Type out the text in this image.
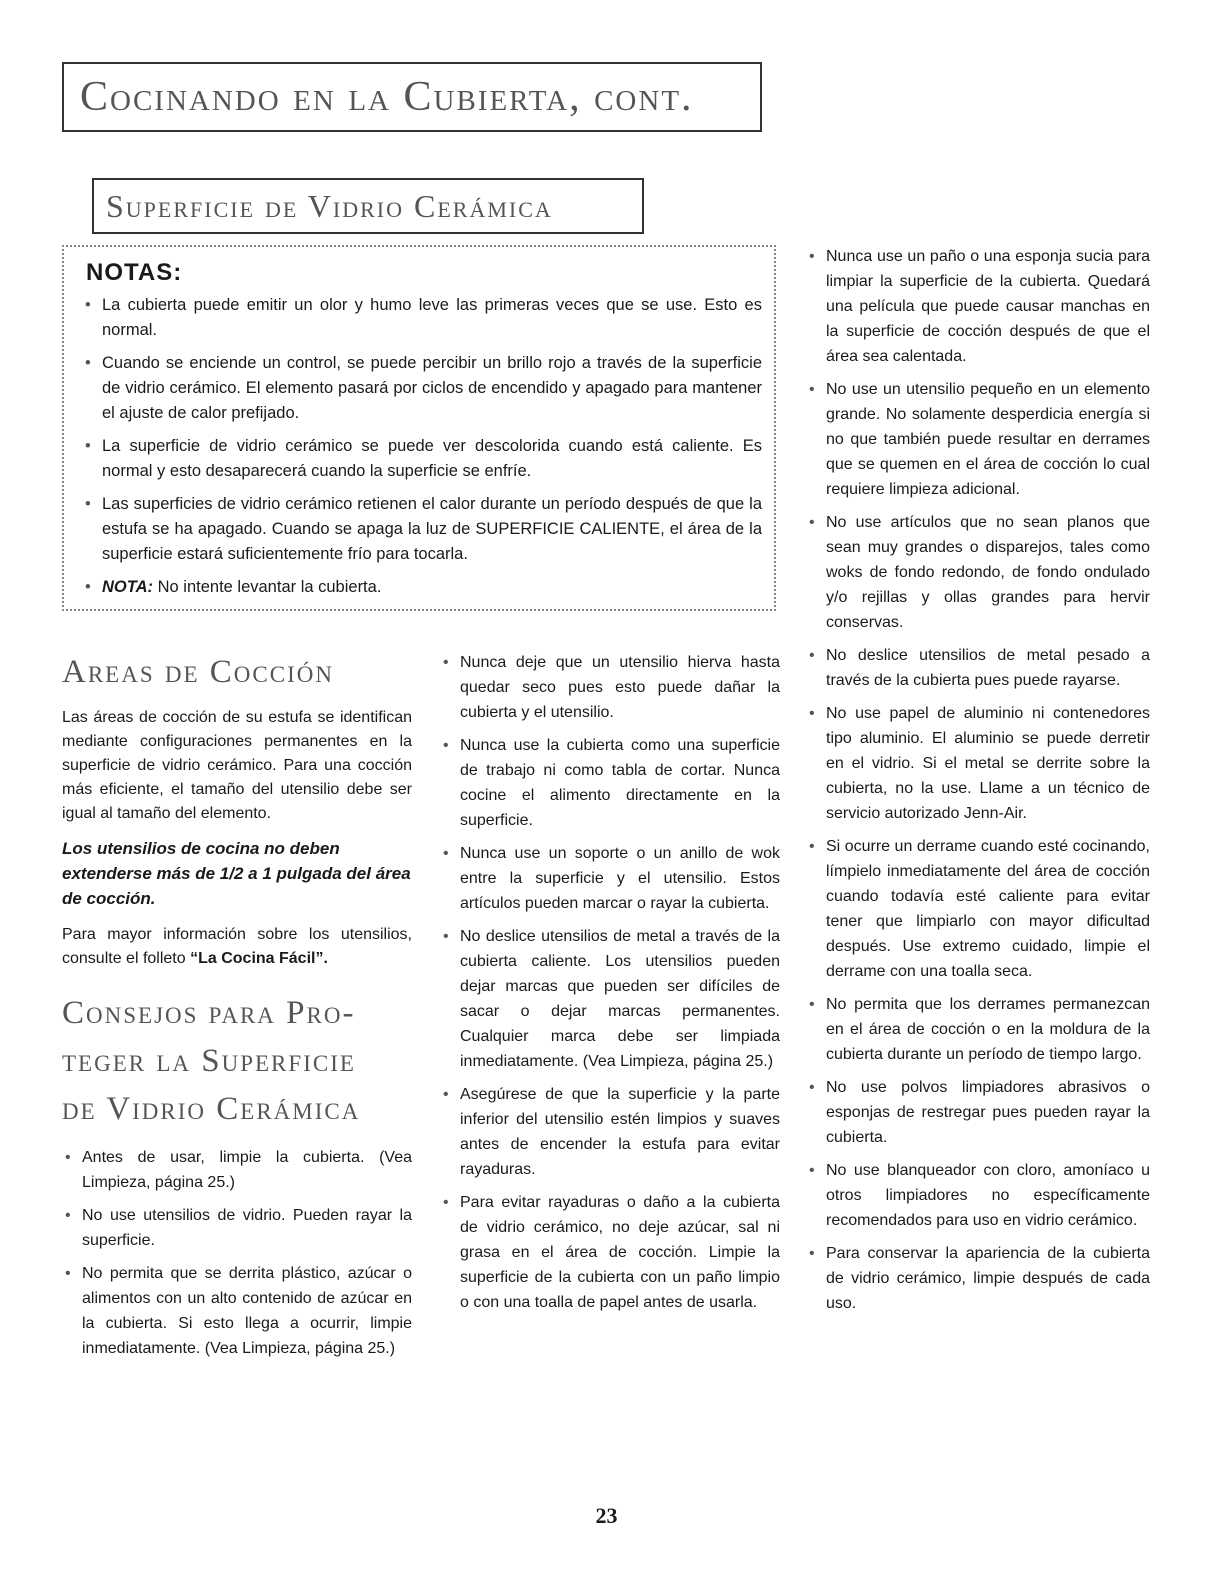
Cocinando en la Cubierta, cont.
Superficie de Vidrio Cerámica
NOTAS:
• La cubierta puede emitir un olor y humo leve las primeras veces que se use. Esto es normal.
• Cuando se enciende un control, se puede percibir un brillo rojo a través de la superficie de vidrio cerámico. El elemento pasará por ciclos de encendido y apagado para mantener el ajuste de calor prefijado.
• La superficie de vidrio cerámico se puede ver descolorida cuando está caliente. Es normal y esto desaparecerá cuando la superficie se enfríe.
• Las superficies de vidrio cerámico retienen el calor durante un período después de que la estufa se ha apagado. Cuando se apaga la luz de SUPERFICIE CALIENTE, el área de la superficie estará suficientemente frío para tocarla.
• NOTA: No intente levantar la cubierta.
Areas de Cocción

Las áreas de cocción de su estufa se identifican mediante configuraciones permanentes en la superficie de vidrio cerámico. Para una cocción más eficiente, el tamaño del utensilio debe ser igual al tamaño del elemento.

Los utensilios de cocina no deben extenderse más de 1/2 a 1 pulgada del área de cocción.

Para mayor información sobre los utensilios, consulte el folleto “La Cocina Fácil”.

Consejos para Pro-
teger la Superficie
de Vidrio Cerámica
• Antes de usar, limpie la cubierta. (Vea Limpieza, página 25.)
• No use utensilios de vidrio. Pueden rayar la superficie.
• No permita que se derrita plástico, azúcar o alimentos con un alto contenido de azúcar en la cubierta. Si esto llega a ocurrir, limpie inmediatamente. (Vea Limpieza, página 25.)
• Nunca deje que un utensilio hierva hasta quedar seco pues esto puede dañar la cubierta y el utensilio.
• Nunca use la cubierta como una superficie de trabajo ni como tabla de cortar. Nunca cocine el alimento directamente en la superficie.
• Nunca use un soporte o un anillo de wok entre la superficie y el utensilio. Estos artículos pueden marcar o rayar la cubierta.
• No deslice utensilios de metal a través de la cubierta caliente. Los utensilios pueden dejar marcas que pueden ser difíciles de sacar o dejar marcas permanentes. Cualquier marca debe ser limpiada inmediatamente. (Vea Limpieza, página 25.)
• Asegúrese de que la superficie y la parte inferior del utensilio estén limpios y suaves antes de encender la estufa para evitar rayaduras.
• Para evitar rayaduras o daño a la cubierta de vidrio cerámico, no deje azúcar, sal ni grasa en el área de cocción. Limpie la superficie de la cubierta con un paño limpio o con una toalla de papel antes de usarla.
• Nunca use un paño o una esponja sucia para limpiar la superficie de la cubierta. Quedará una película que puede causar manchas en la superficie de cocción después de que el área sea calentada.
• No use un utensilio pequeño en un elemento grande. No solamente desperdicia energía si no que también puede resultar en derrames que se quemen en el área de cocción lo cual requiere limpieza adicional.
• No use artículos que no sean planos que sean muy grandes o disparejos, tales como woks de fondo redondo, de fondo ondulado y/o rejillas y ollas grandes para hervir conservas.
• No deslice utensilios de metal pesado a través de la cubierta pues puede rayarse.
• No use papel de aluminio ni contenedores tipo aluminio. El aluminio se puede derretir en el vidrio. Si el metal se derrite sobre la cubierta, no la use. Llame a un técnico de servicio autorizado Jenn-Air.
• Si ocurre un derrame cuando esté cocinando, límpielo inmediatamente del área de cocción cuando todavía esté caliente para evitar tener que limpiarlo con mayor dificultad después. Use extremo cuidado, limpie el derrame con una toalla seca.
• No permita que los derrames permanezcan en el área de cocción o en la moldura de la cubierta durante un período de tiempo largo.
• No use polvos limpiadores abrasivos o esponjas de restregar pues pueden rayar la cubierta.
• No use blanqueador con cloro, amoníaco u otros limpiadores no específicamente recomendados para uso en vidrio cerámico.
• Para conservar la apariencia de la cubierta de vidrio cerámico, limpie después de cada uso.
23
